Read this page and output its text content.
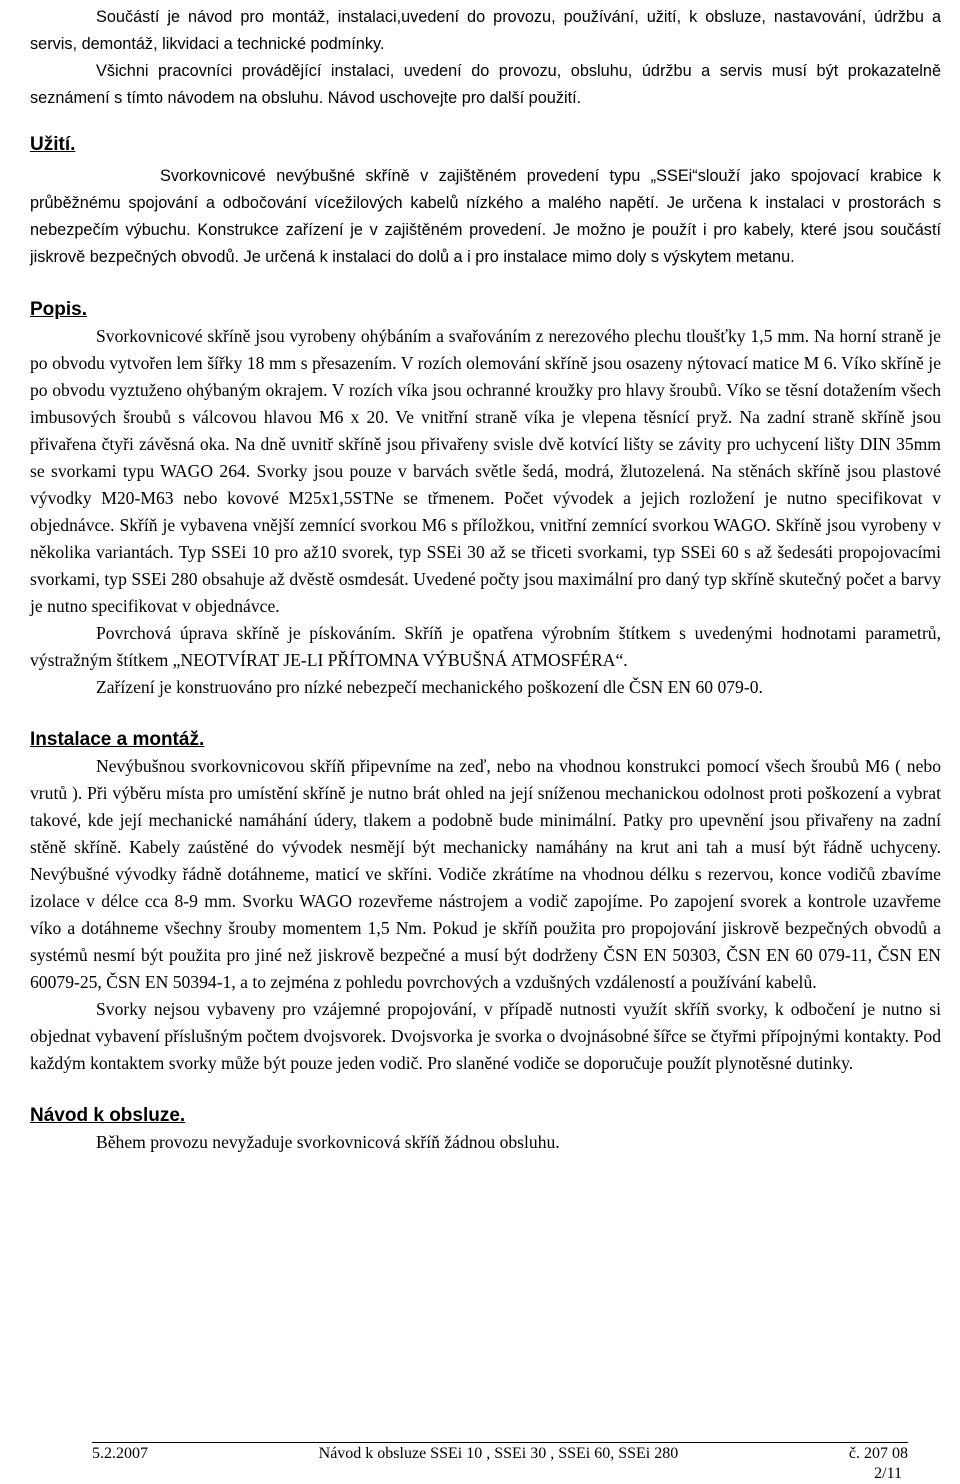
Součástí je návod pro montáž, instalaci,uvedení do provozu, používání, užití, k obsluze, nastavování, údržbu a servis, demontáž, likvidaci a technické podmínky.

Všichni pracovníci provádějící instalaci, uvedení do provozu, obsluhu, údržbu a servis musí být prokazatelně seznámení s tímto návodem na obsluhu. Návod uschovejte pro další použití.

Užití.

Svorkovnicové nevýbušné skříně v zajištěném provedení typu „SSEi“slouží jako spojovací krabice k průběžnému spojování a odbočování vícežilových kabelů nízkého a malého napětí. Je určena k instalaci v prostorách s nebezpečím výbuchu. Konstrukce zařízení je v zajištěném provedení. Je možno je použít i pro kabely, které jsou součástí jiskrově bezpečných obvodů. Je určená k instalaci do dolů a i pro instalace mimo doly s výskytem metanu.

Popis.

Svorkovnicové skříně jsou vyrobeny ohýbáním a svařováním z nerezového plechu tloušťky 1,5 mm. Na horní straně je po obvodu vytvořen lem šířky 18 mm s přesazením. V rozích olemování skříně jsou osazeny nýtovací matice M 6. Víko skříně je po obvodu vyztuženo ohýbaným okrajem. V rozích víka jsou ochranné kroužky pro hlavy šroubů. Víko se těsní dotažením všech imbusových šroubů s válcovou hlavou M6 x 20. Ve vnitřní straně víka je vlepena těsnící pryž. Na zadní straně skříně jsou přivařena čtyři závěsná oka. Na dně uvnitř skříně jsou přivařeny svisle dvě kotvící lišty se závity pro uchycení lišty DIN 35mm se svorkami typu WAGO 264. Svorky jsou pouze v barvách světle šedá, modrá, žlutozelená. Na stěnách skříně jsou plastové vývodky M20-M63 nebo kovové M25x1,5STNe se třmenem. Počet vývodek a jejich rozložení je nutno specifikovat v objednávce. Skříň je vybavena vnější zemnící svorkou M6 s příložkou, vnitřní zemnící svorkou WAGO. Skříně jsou vyrobeny v několika variantách. Typ SSEi 10 pro až10 svorek, typ SSEi 30 až se třiceti svorkami, typ SSEi 60 s až šedesáti propojovacími svorkami, typ SSEi 280 obsahuje až dvěstě osmdesát. Uvedené počty jsou maximální pro daný typ skříně skutečný počet a barvy je nutno specifikovat v objednávce.

Povrchová úprava skříně je pískováním. Skříň je opatřena výrobním štítkem s uvedenými hodnotami parametrů, výstražným štítkem „NEOTVÍRAT JE-LI PŘÍTOMNA VÝBUŠNÁ ATMOSFÉRA“.

Zařízení je konstruováno pro nízké nebezpečí mechanického poškození dle ČSN EN 60 079-0.

Instalace a montáž.

Nevýbušnou svorkovnicovou skříň připevníme na zeď, nebo na vhodnou konstrukci pomocí všech šroubů M6 ( nebo vrutů ). Při výběru místa pro umístění skříně je nutno brát ohled na její sníženou mechanickou odolnost proti poškození a vybrat takové, kde její mechanické namáhání údery, tlakem a podobně bude minimální. Patky pro upevnění jsou přivařeny na zadní stěně skříně. Kabely zaústěné do vývodek nesmějí být mechanicky namáhány na krut ani tah a musí být řádně uchyceny. Nevýbušné vývodky řádně dotáhneme, maticí ve skříni. Vodiče zkrátíme na vhodnou délku s rezervou, konce vodičů zbavíme izolace v délce cca 8-9 mm. Svorku WAGO rozevřeme nástrojem a vodič zapojíme. Po zapojení svorek a kontrole uzavřeme víko a dotáhneme všechny šrouby momentem 1,5 Nm. Pokud je skříň použita pro propojování jiskrově bezpečných obvodů a systémů nesmí být použita pro jiné než jiskrově bezpečné a musí být dodrženy ČSN EN 50303, ČSN EN 60 079-11, ČSN EN 60079-25, ČSN EN 50394-1, a to zejména z pohledu povrchových a vzdušných vzdáleností a používání kabelů.

Svorky nejsou vybaveny pro vzájemné propojování, v případě nutnosti využít skříň svorky, k odbočení je nutno si objednat vybavení příslušným počtem dvojsvorek. Dvojsvorka je svorka o dvojnásobné šířce se čtyřmi přípojnými kontakty. Pod každým kontaktem svorky může být pouze jeden vodič. Pro slaněné vodiče se doporučuje použít plynotěsné dutinky.

Návod k obsluze.

Během provozu nevyžaduje svorkovnicová skříň žádnou obsluhu.

5.2.2007	Návod k obsluze SSEi 10 , SSEi 30 , SSEi 60, SSEi 280	č. 207 08
2/11
